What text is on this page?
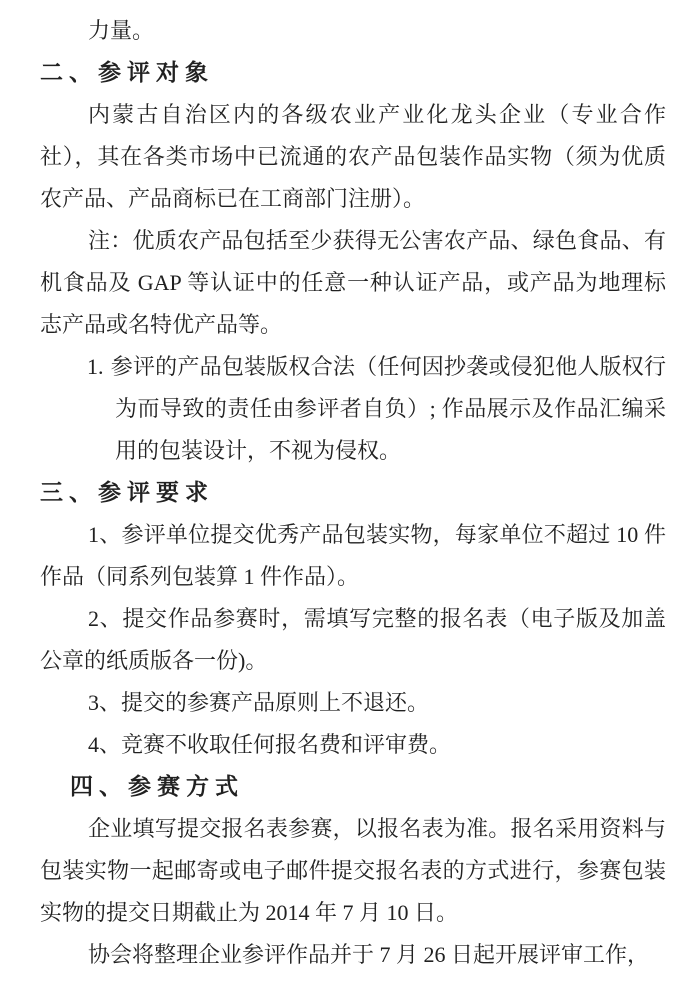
力量。

二、参评对象

内蒙古自治区内的各级农业产业化龙头企业（专业合作社），其在各类市场中已流通的农产品包装作品实物（须为优质农产品、产品商标已在工商部门注册）。

注：优质农产品包括至少获得无公害农产品、绿色食品、有机食品及 GAP 等认证中的任意一种认证产品，或产品为地理标志产品或名特优产品等。

1. 参评的产品包装版权合法（任何因抄袭或侵犯他人版权行为而导致的责任由参评者自负）; 作品展示及作品汇编采用的包装设计，不视为侵权。
三、参评要求

1、参评单位提交优秀产品包装实物，每家单位不超过 10 件作品（同系列包装算 1 件作品）。

2、提交作品参赛时，需填写完整的报名表（电子版及加盖公章的纸质版各一份)。

3、提交的参赛产品原则上不退还。

4、竞赛不收取任何报名费和评审费。

四、参赛方式

企业填写提交报名表参赛，以报名表为准。报名采用资料与包装实物一起邮寄或电子邮件提交报名表的方式进行，参赛包装实物的提交日期截止为 2014 年 7 月 10 日。

协会将整理企业参评作品并于 7 月 26 日起开展评审工作，
